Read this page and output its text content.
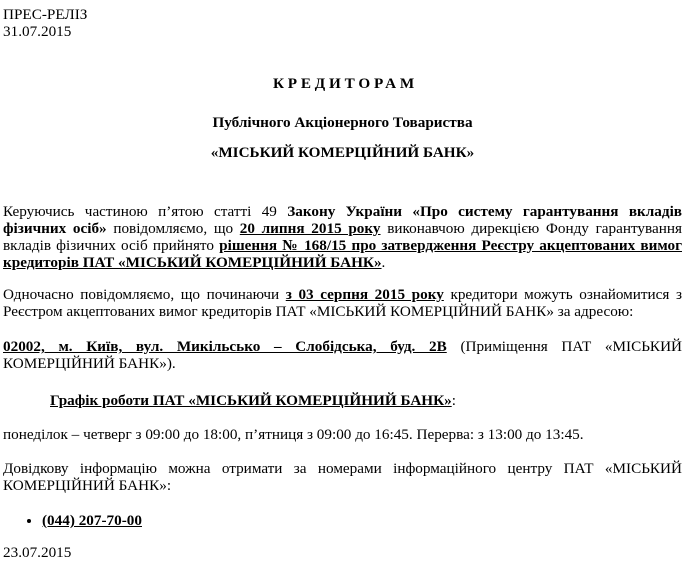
ПРЕС-РЕЛІЗ

31.07.2015

КРЕДИТОРАМ

Публічного Акціонерного Товариства

«МІСЬКИЙ КОМЕРЦІЙНИЙ БАНК»

Керуючись частиною п’ятою статті 49 Закону України «Про систему гарантування вкладів фізичних осіб» повідомляємо, що 20 липня 2015 року виконавчою дирекцією Фонду гарантування вкладів фізичних осіб прийнято рішення № 168/15 про затвердження Реєстру акцептованих вимог кредиторів ПАТ «МІСЬКИЙ КОМЕРЦІЙНИЙ БАНК».

Одночасно повідомляємо, що починаючи з 03 серпня 2015 року кредитори можуть ознайомитися з Реєстром акцептованих вимог кредиторів ПАТ «МІСЬКИЙ КОМЕРЦІЙНИЙ БАНК» за адресою:

02002, м. Київ, вул. Микільсько – Слобідська, буд. 2В (Приміщення ПАТ «МІСЬКИЙ КОМЕРЦІЙНИЙ БАНК»).

Графік роботи ПАТ «МІСЬКИЙ КОМЕРЦІЙНИЙ БАНК»:

понеділок – четверг з 09:00 до 18:00, п’ятниця з 09:00 до 16:45. Перерва: з 13:00 до 13:45.

Довідкову інформацію можна отримати за номерами інформаційного центру ПАТ «МІСЬКИЙ КОМЕРЦІЙНИЙ БАНК»:

• (044) 207-70-00

23.07.2015
